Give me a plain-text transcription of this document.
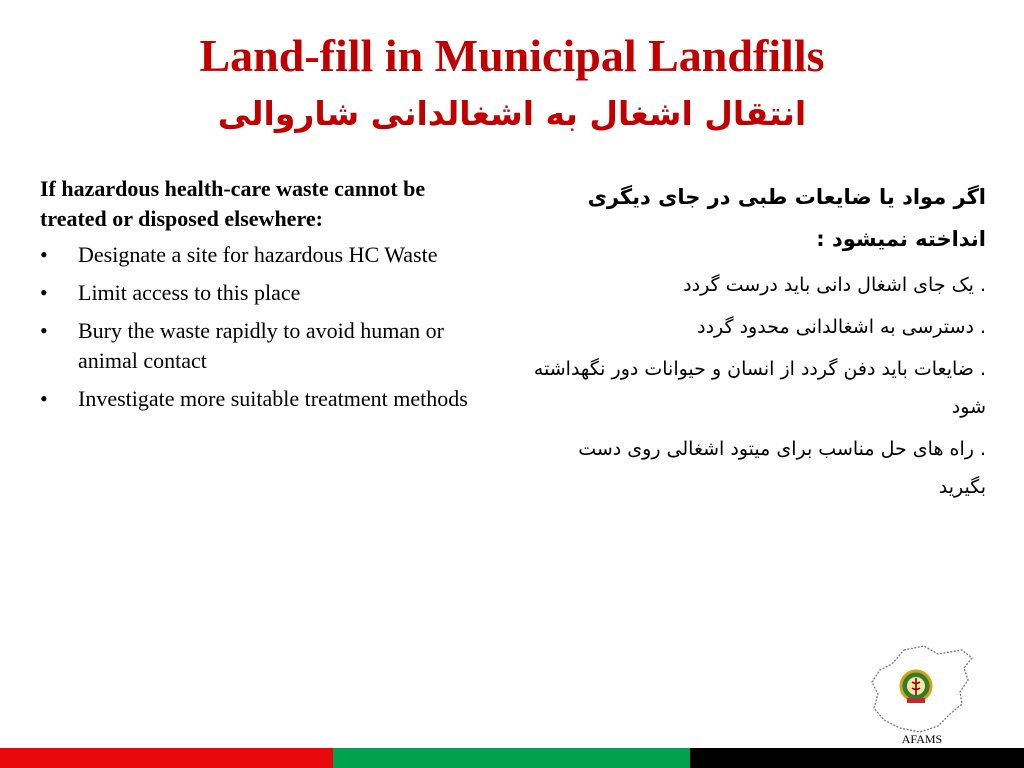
Land-fill in Municipal Landfills
انتقال اشغال به اشغالدانی شاروالی
If hazardous health-care waste cannot be treated or disposed elsewhere:
• Designate a site for hazardous HC Waste
• Limit access to this place
• Bury the waste rapidly to avoid human or animal contact
• Investigate more suitable treatment methods
اگر مواد یا ضایعات طبی در جای دیگری انداخته نمیشود :
. یک جای اشغال دانی باید درست گردد
. دسترسی به اشغالدانی محدود گردد
. ضایعات باید دفن گردد از انسان و حیوانات دور نگهداشته شود
. راه های حل مناسب برای میتود اشغالی روی دست بگیرید
AFAMS
